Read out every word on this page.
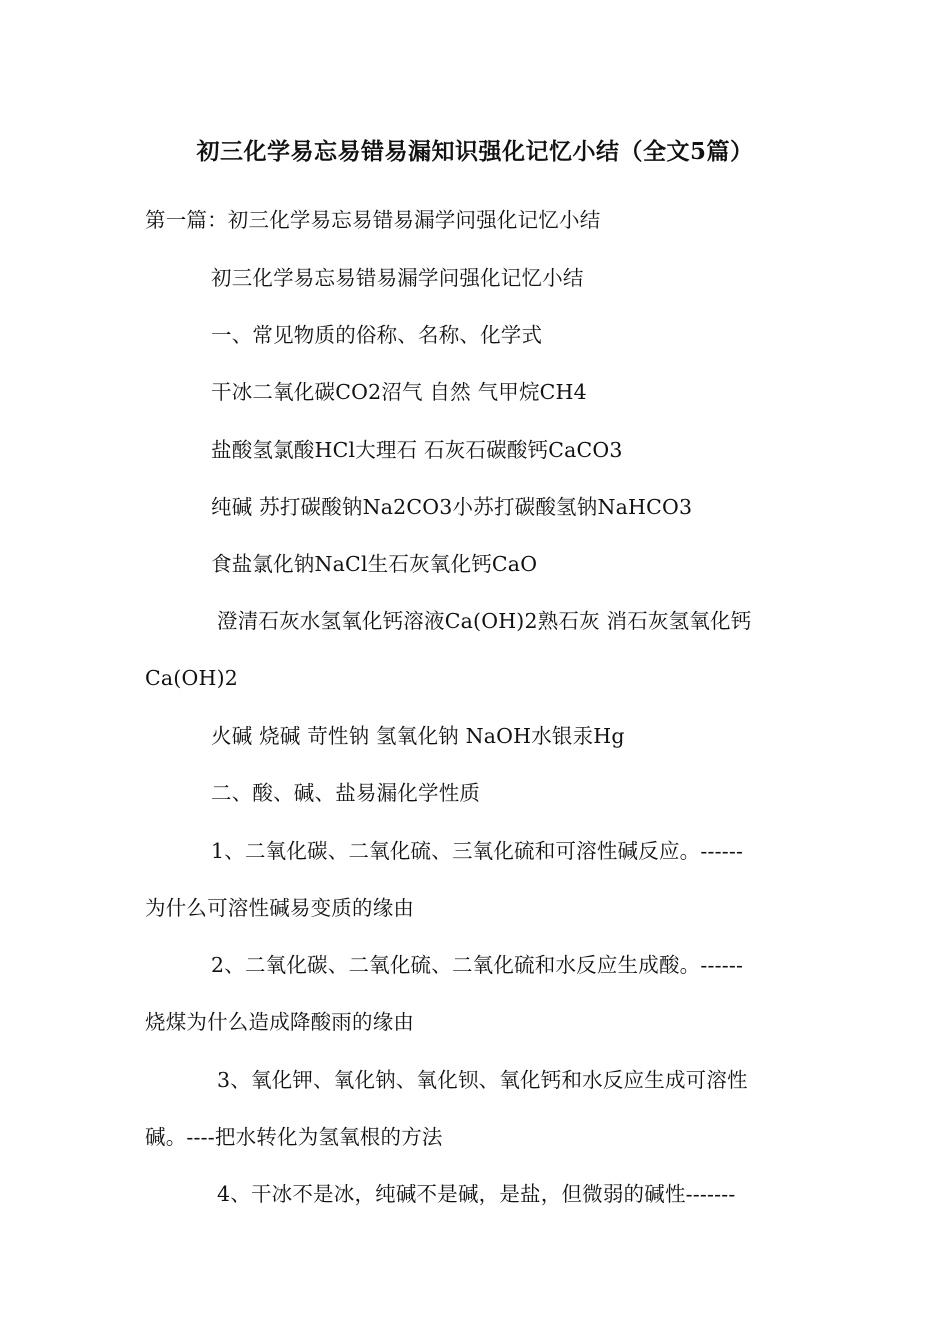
初三化学易忘易错易漏知识强化记忆小结（全文5篇）
第一篇：初三化学易忘易错易漏学问强化记忆小结
初三化学易忘易错易漏学问强化记忆小结
一、常见物质的俗称、名称、化学式
干冰二氧化碳CO2沼气 自然 气甲烷CH4
盐酸氢氯酸HCl大理石 石灰石碳酸钙CaCO3
纯碱 苏打碳酸钠Na2CO3小苏打碳酸氢钠NaHCO3
食盐氯化钠NaCl生石灰氧化钙CaO
澄清石灰水氢氧化钙溶液Ca(OH)2熟石灰 消石灰氢氧化钙
Ca(OH)2
火碱 烧碱 苛性钠 氢氧化钠 NaOH水银汞Hg
二、酸、碱、盐易漏化学性质
1、二氧化碳、二氧化硫、三氧化硫和可溶性碱反应。------
为什么可溶性碱易变质的缘由
2、二氧化碳、二氧化硫、二氧化硫和水反应生成酸。------
烧煤为什么造成降酸雨的缘由
3、氧化钾、氧化钠、氧化钡、氧化钙和水反应生成可溶性
碱。----把水转化为氢氧根的方法
4、干冰不是冰，纯碱不是碱，是盐，但微弱的碱性-------
